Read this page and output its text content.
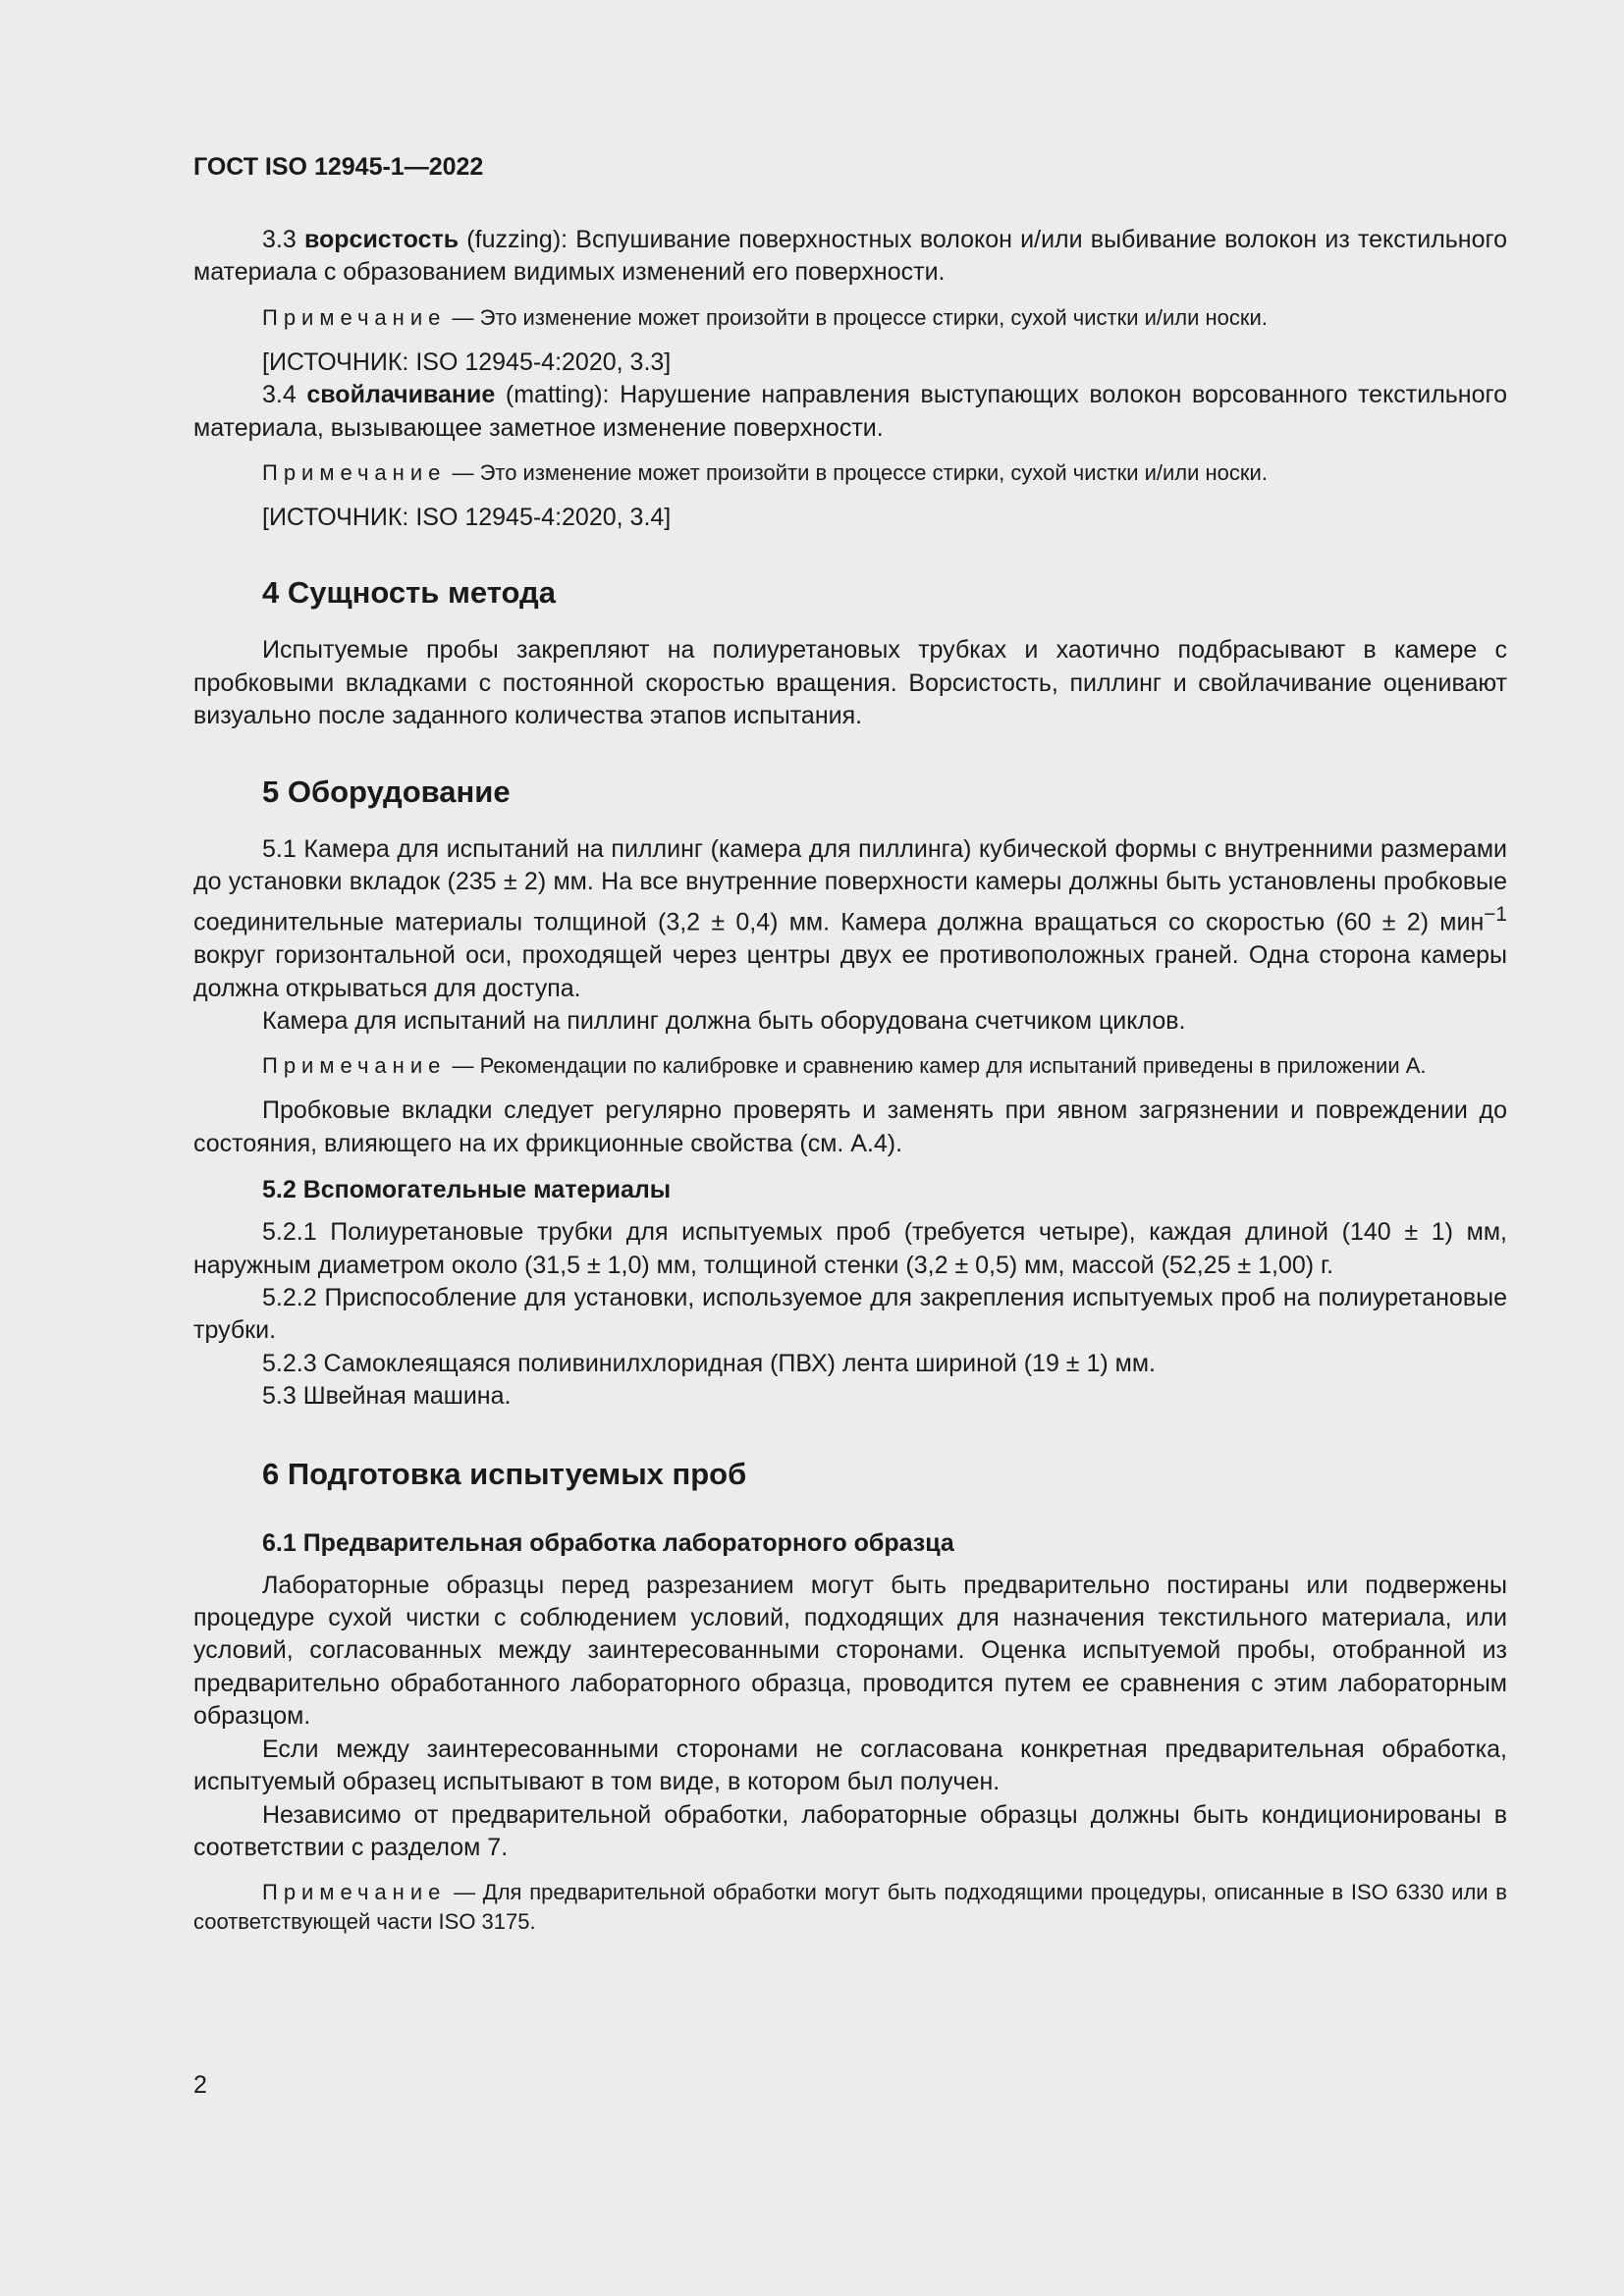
ГОСТ ISO 12945-1—2022

3.3 ворсистость (fuzzing): Вспушивание поверхностных волокон и/или выбивание волокон из текстильного материала с образованием видимых изменений его поверхности.

Примечание — Это изменение может произойти в процессе стирки, сухой чистки и/или носки.

[ИСТОЧНИК: ISO 12945-4:2020, 3.3]

3.4 свойлачивание (matting): Нарушение направления выступающих волокон ворсованного текстильного материала, вызывающее заметное изменение поверхности.

Примечание — Это изменение может произойти в процессе стирки, сухой чистки и/или носки.

[ИСТОЧНИК: ISO 12945-4:2020, 3.4]

4 Сущность метода

Испытуемые пробы закрепляют на полиуретановых трубках и хаотично подбрасывают в камере с пробковыми вкладками с постоянной скоростью вращения. Ворсистость, пиллинг и свойлачивание оценивают визуально после заданного количества этапов испытания.

5 Оборудование

5.1 Камера для испытаний на пиллинг (камера для пиллинга) кубической формы с внутренними размерами до установки вкладок (235 ± 2) мм. На все внутренние поверхности камеры должны быть установлены пробковые соединительные материалы толщиной (3,2 ± 0,4) мм. Камера должна вращаться со скоростью (60 ± 2) мин$^{-1}$ вокруг горизонтальной оси, проходящей через центры двух ее противоположных граней. Одна сторона камеры должна открываться для доступа.

Камера для испытаний на пиллинг должна быть оборудована счетчиком циклов.

Примечание — Рекомендации по калибровке и сравнению камер для испытаний приведены в приложении А.

Пробковые вкладки следует регулярно проверять и заменять при явном загрязнении и повреждении до состояния, влияющего на их фрикционные свойства (см. А.4).

5.2 Вспомогательные материалы

5.2.1 Полиуретановые трубки для испытуемых проб (требуется четыре), каждая длиной (140 ± 1) мм, наружным диаметром около (31,5 ± 1,0) мм, толщиной стенки (3,2 ± 0,5) мм, массой (52,25 ± 1,00) г.

5.2.2 Приспособление для установки, используемое для закрепления испытуемых проб на полиуретановые трубки.

5.2.3 Самоклеящаяся поливинилхлоридная (ПВХ) лента шириной (19 ± 1) мм.

5.3 Швейная машина.

6 Подготовка испытуемых проб
6.1 Предварительная обработка лабораторного образца

Лабораторные образцы перед разрезанием могут быть предварительно постираны или подвержены процедуре сухой чистки с соблюдением условий, подходящих для назначения текстильного материала, или условий, согласованных между заинтересованными сторонами. Оценка испытуемой пробы, отобранной из предварительно обработанного лабораторного образца, проводится путем ее сравнения с этим лабораторным образцом.

Если между заинтересованными сторонами не согласована конкретная предварительная обработка, испытуемый образец испытывают в том виде, в котором был получен.

Независимо от предварительной обработки, лабораторные образцы должны быть кондиционированы в соответствии с разделом 7.

Примечание — Для предварительной обработки могут быть подходящими процедуры, описанные в ISO 6330 или в соответствующей части ISO 3175.

2
